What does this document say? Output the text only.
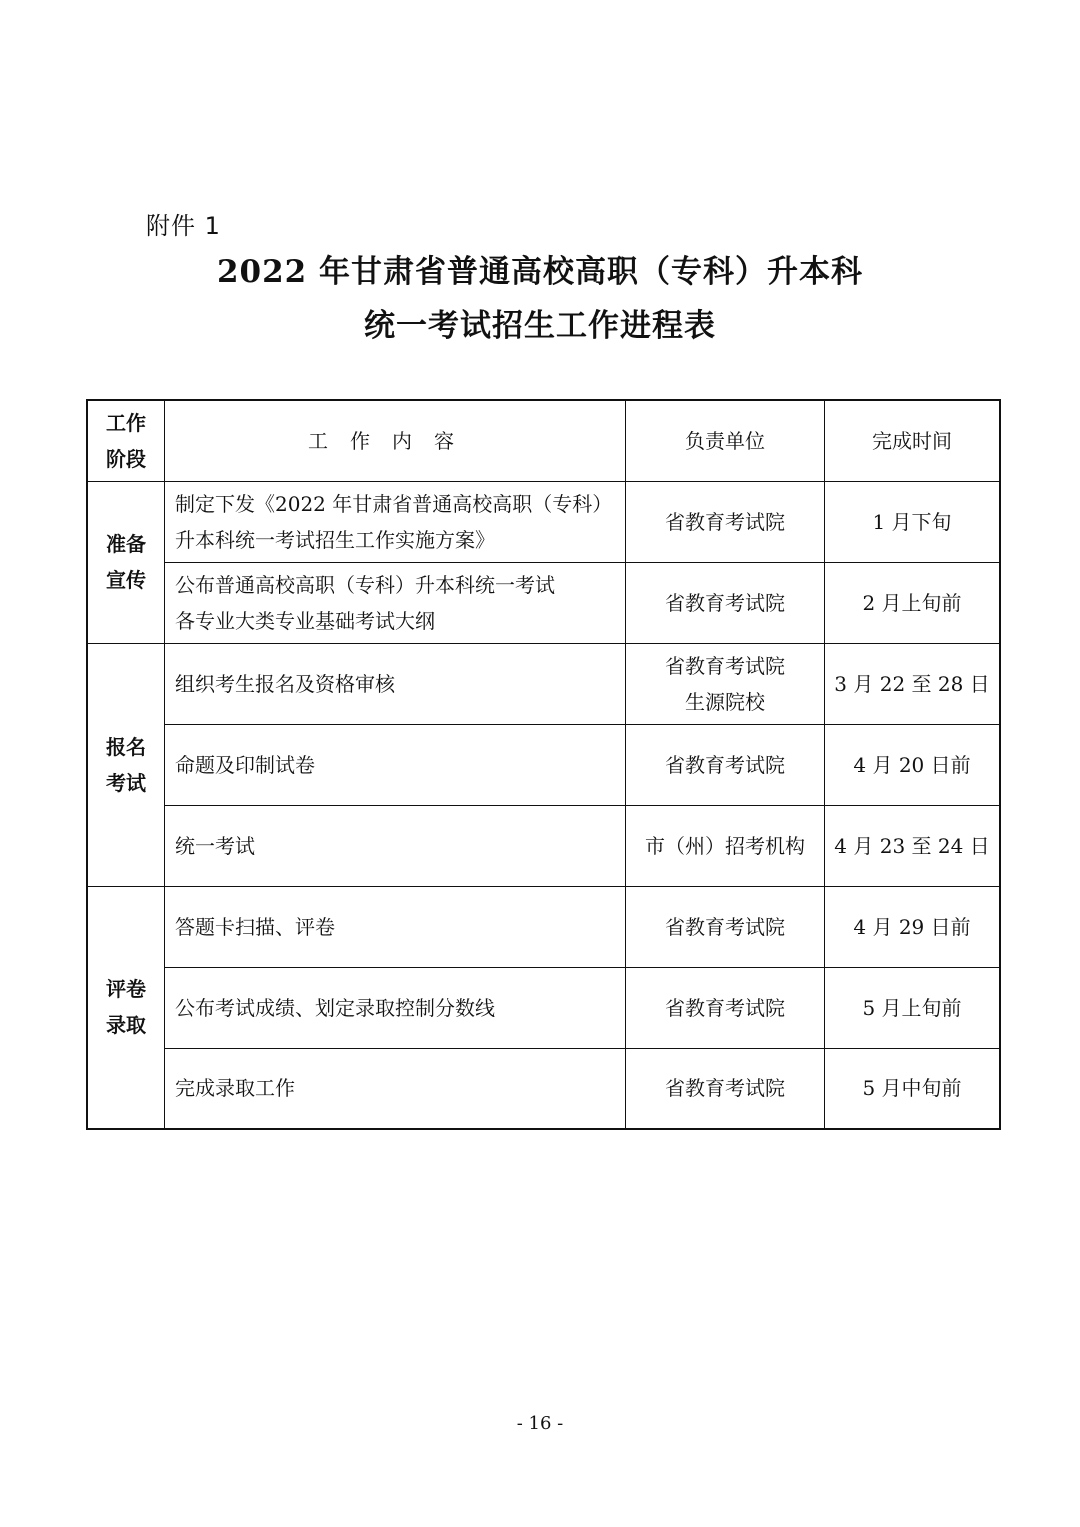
附件 1
2022 年甘肃省普通高校高职（专科）升本科
统一考试招生工作进程表
工作
阶段	工作内容	负责单位	完成时间

准备
宣传	制定下发《2022 年甘肃省普通高校高职（专科）
升本科统一考试招生工作实施方案》	省教育考试院	1 月下旬

	公布普通高校高职（专科）升本科统一考试
各专业大类专业基础考试大纲	省教育考试院	2 月上旬前

报名
考试	组织考生报名及资格审核	省教育考试院
生源院校	3 月 22 至 28 日

	命题及印制试卷	省教育考试院	4 月 20 日前

	统一考试	市（州）招考机构	4 月 23 至 24 日

评卷
录取	答题卡扫描、评卷	省教育考试院	4 月 29 日前

	公布考试成绩、划定录取控制分数线	省教育考试院	5 月上旬前

	完成录取工作	省教育考试院	5 月中旬前
- 16 -
